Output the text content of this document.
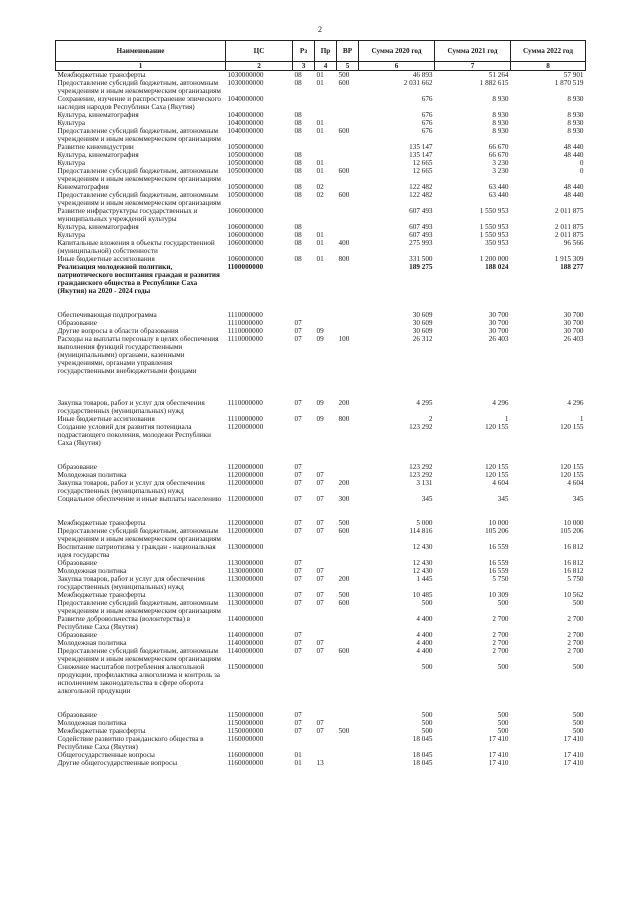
2
Наименование	ЦС	Рз	Пр	ВР	Сумма 2020 год	Сумма 2021 год	Сумма 2022 год
1	2	3	4	5	6	7	8
Межбюджетные трансферты	1030000000	08	01	500	46 893	51 264	57 901
Предоставление субсидий бюджетным, автономным учреждениям и иным некоммерческим организациям	1030000000	08	01	600	2 031 662	1 882 615	1 870 519
Сохранение, изучение и распространение эпического наследия народов Республики Саха (Якутия)	1040000000				676	8 930	8 930
Культура, кинематография	1040000000	08			676	8 930	8 930
Культура	1040000000	08	01		676	8 930	8 930
Предоставление субсидий бюджетным, автономным учреждениям и иным некоммерческим организациям	1040000000	08	01	600	676	8 930	8 930
Развитие кинеиндустрии	1050000000				135 147	66 670	48 440
Культура, кинематография	1050000000	08			135 147	66 670	48 440
Культура	1050000000	08	01		12 665	3 230	0
Предоставление субсидий бюджетным, автономным учреждениям и иным некоммерческим организациям	1050000000	08	01	600	12 665	3 230	0
Кинематография	1050000000	08	02		122 482	63 440	48 440
Предоставление субсидий бюджетным, автономным учреждениям и иным некоммерческим организациям	1050000000	08	02	600	122 482	63 440	48 440
Развитие инфраструктуры государственных и муниципальных учреждений культуры	1060000000				607 493	1 550 953	2 011 875
Культура, кинематография	1060000000	08			607 493	1 550 953	2 011 875
Культура	1060000000	08	01		607 493	1 550 953	2 011 875
Капитальные вложения в объекты государственной (муниципальной) собственности	1060000000	08	01	400	275 993	350 953	96 566
Иные бюджетные ассигнования	1060000000	08	01	800	331 500	1 200 000	1 915 309
Реализация молодежной политики, патриотического воспитания граждан и развития гражданского общества в Республике Саха (Якутия) на 2020 - 2024 годы	1100000000				189 275	188 024	188 277

Обеспечивающая подпрограмма	1110000000				30 609	30 700	30 700
Образование	1110000000	07			30 609	30 700	30 700
Другие вопросы в области образования	1110000000	07	09		30 609	30 700	30 700
Расходы на выплаты персоналу в целях обеспечения выполнения функций государственными (муниципальными) органами, казенными учреждениями, органами управления государственными внебюджетными фондами	1110000000	07	09	100	26 312	26 403	26 403

Закупка товаров, работ и услуг для обеспечения государственных (муниципальных) нужд	1110000000	07	09	200	4 295	4 296	4 296
Иные бюджетные ассигнования	1110000000	07	09	800	2	1	1
Создание условий для развития потенциала подрастающего поколения, молодежи Республики Саха (Якутия)	1120000000				123 292	120 155	120 155

Образование	1120000000	07			123 292	120 155	120 155
Молодежная политика	1120000000	07	07		123 292	120 155	120 155
Закупка товаров, работ и услуг для обеспечения государственных (муниципальных) нужд	1120000000	07	07	200	3 131	4 604	4 604
Социальное обеспечение и иные выплаты населению	1120000000	07	07	300	345	345	345

Межбюджетные трансферты	1120000000	07	07	500	5 000	10 000	10 000
Предоставление субсидий бюджетным, автономным учреждениям и иным некоммерческим организациям	1120000000	07	07	600	114 816	105 206	105 206
Воспитание патриотизма у граждан - национальная идея государства	1130000000				12 430	16 559	16 812
Образование	1130000000	07			12 430	16 559	16 812
Молодежная политика	1130000000	07	07		12 430	16 559	16 812
Закупка товаров, работ и услуг для обеспечения государственных (муниципальных) нужд	1130000000	07	07	200	1 445	5 750	5 750
Межбюджетные трансферты	1130000000	07	07	500	10 485	10 309	10 562
Предоставление субсидий бюджетным, автономным учреждениям и иным некоммерческим организациям	1130000000	07	07	600	500	500	500
Развитие добровольчества (волонтерства) в Республике Саха (Якутия)	1140000000				4 400	2 700	2 700
Образование	1140000000	07			4 400	2 700	2 700
Молодежная политика	1140000000	07	07		4 400	2 700	2 700
Предоставление субсидий бюджетным, автономным учреждениям и иным некоммерческим организациям	1140000000	07	07	600	4 400	2 700	2 700
Снижение масштабов потребления алкогольной продукции, профилактика алкоголизма и контроль за исполнением законодательства в сфере оборота алкогольной продукции	1150000000				500	500	500

Образование	1150000000	07			500	500	500
Молодежная политика	1150000000	07	07		500	500	500
Межбюджетные трансферты	1150000000	07	07	500	500	500	500
Содействие развитию гражданского общества в Республике Саха (Якутия)	1160000000				18 045	17 410	17 410
Общегосударственные вопросы	1160000000	01			18 045	17 410	17 410
Другие общегосударственные вопросы	1160000000	01	13		18 045	17 410	17 410
